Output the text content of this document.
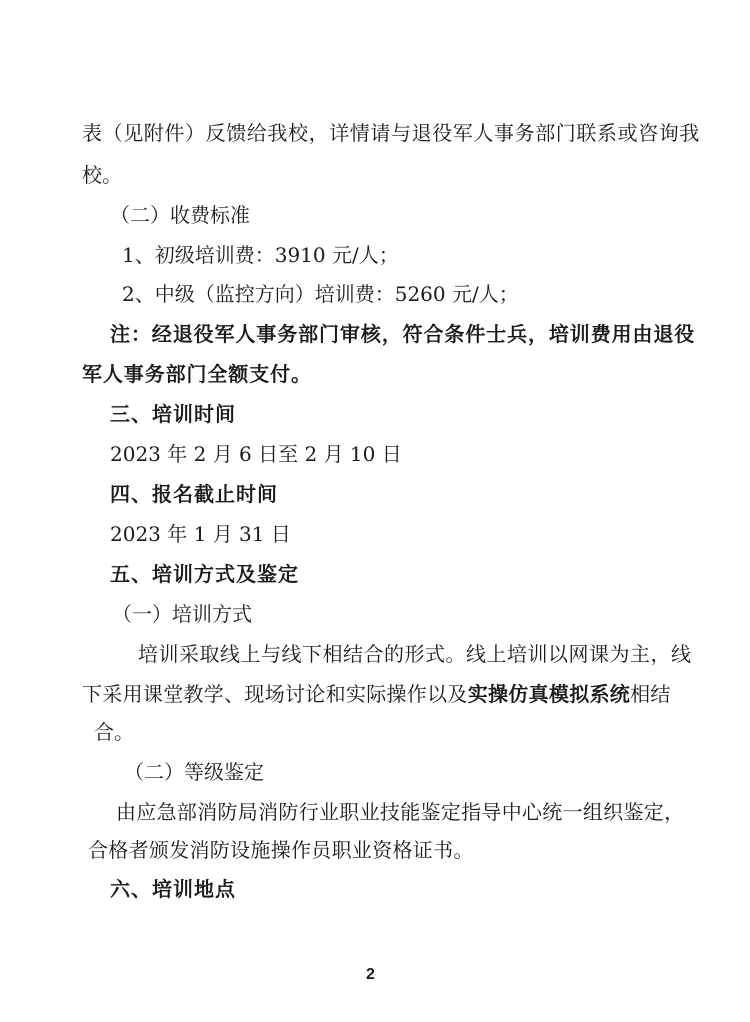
表（见附件）反馈给我校，详情请与退役军人事务部门联系或咨询我
校。
（二）收费标准
1、初级培训费：3910 元/人；
2、中级（监控方向）培训费：5260 元/人；
注：经退役军人事务部门审核，符合条件士兵，培训费用由退役
军人事务部门全额支付。
三、培训时间
2023 年 2 月 6 日至 2 月 10 日
四、报名截止时间
2023 年 1 月 31 日
五、培训方式及鉴定
（一）培训方式
培训采取线上与线下相结合的形式。线上培训以网课为主，线
下采用课堂教学、现场讨论和实际操作以及实操仿真模拟系统相结
合。
（二）等级鉴定
由应急部消防局消防行业职业技能鉴定指导中心统一组织鉴定，
合格者颁发消防设施操作员职业资格证书。
六、培训地点
2
